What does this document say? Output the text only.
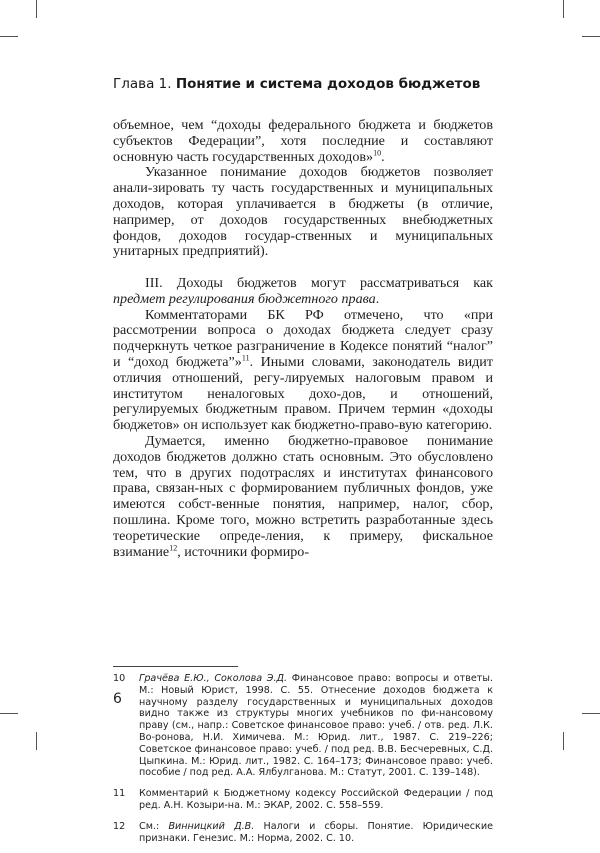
Глава 1. Понятие и система доходов бюджетов

объемное, чем “доходы федерального бюджета и бюджетов субъектов Федерации”, хотя последние и составляют основную часть государственных доходов»$^{10}$.

Указанное понимание доходов бюджетов позволяет анали-зировать ту часть государственных и муниципальных доходов, которая уплачивается в бюджеты (в отличие, например, от доходов государственных внебюджетных фондов, доходов государ-ственных и муниципальных унитарных предприятий).

III. Доходы бюджетов могут рассматриваться как предмет регулирования бюджетного права.

Комментаторами БК РФ отмечено, что «при рассмотрении вопроса о доходах бюджета следует сразу подчеркнуть четкое разграничение в Кодексе понятий “налог” и “доход бюджета”»$^{11}$. Иными словами, законодатель видит отличия отношений, регу-лируемых налоговым правом и институтом неналоговых дохо-дов, и отношений, регулируемых бюджетным правом. Причем термин «доходы бюджетов» он использует как бюджетно-право-вую категорию.

Думается, именно бюджетно-правовое понимание доходов бюджетов должно стать основным. Это обусловлено тем, что в других подотраслях и институтах финансового права, связан-ных с формированием публичных фондов, уже имеются собст-венные понятия, например, налог, сбор, пошлина. Кроме того, можно встретить разработанные здесь теоретические опреде-ления, к примеру, фискальное взимание$^{12}$, источники формиро-

10	Грачёва Е.Ю., Соколова Э.Д. Финансовое право: вопросы и ответы. М.: Новый Юрист, 1998. С. 55. Отнесение доходов бюджета к научному разделу государственных и муниципальных доходов видно также из структуры многих учебников по фи-нансовому праву (см., напр.: Советское финансовое право: учеб. / отв. ред. Л.К. Во-ронова, Н.И. Химичева. М.: Юрид. лит., 1987. С. 219–226; Советское финансовое право: учеб. / под ред. В.В. Бесчеревных, С.Д. Цыпкина. М.: Юрид. лит., 1982. С. 164–173; Финансовое право: учеб. пособие / под ред. А.А. Ялбулганова. М.: Статут, 2001. С. 139–148).
11	Комментарий к Бюджетному кодексу Российской Федерации / под ред. А.Н. Козыри-на. М.: ЭКАР, 2002. С. 558–559.
12	См.: Винницкий Д.В. Налоги и сборы. Понятие. Юридические признаки. Генезис. М.: Норма, 2002. С. 10.
6
